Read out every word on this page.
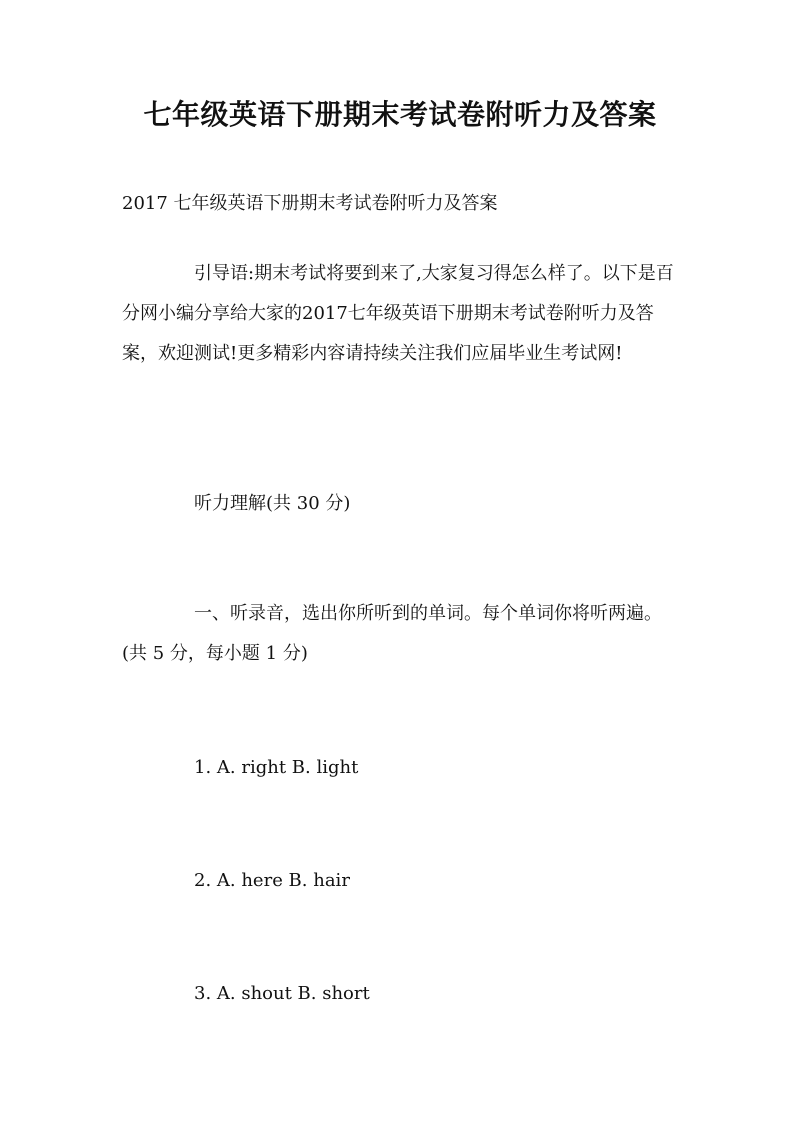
七年级英语下册期末考试卷附听力及答案
2017 七年级英语下册期末考试卷附听力及答案
引导语:期末考试将要到来了,大家复习得怎么样了。以下是百分网小编分享给大家的2017七年级英语下册期末考试卷附听力及答案，欢迎测试!更多精彩内容请持续关注我们应届毕业生考试网!
听力理解(共 30 分)
一、听录音，选出你所听到的单词。每个单词你将听两遍。(共 5 分，每小题 1 分)
1. A. right B. light
2. A. here B. hair
3. A. shout B. short
